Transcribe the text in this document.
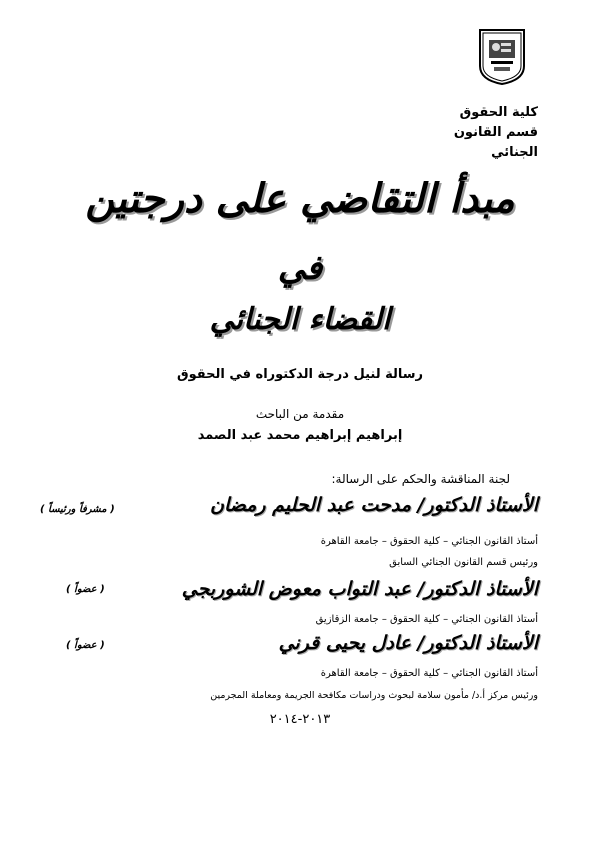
كلية الحقوق
قسم القانون
الجنائي
مبدأ التقاضي على درجتين
في
القضاء الجنائي
رسالة لنيل درجة الدكتوراه في الحقوق
مقدمة من الباحث
إبراهيم إبراهيم محمد عبد الصمد
لجنة المناقشة والحكم على الرسالة:
الأستاذ الدكتور/ مدحت عبد الحليم رمضان
( مشرفاً ورئيساً )
أستاذ القانون الجنائي – كلية الحقوق – جامعة القاهرة
ورئيس قسم القانون الجنائي السابق
الأستاذ الدكتور/ عبد التواب معوض الشوربجي
( عضواً )
أستاذ القانون الجنائي – كلية الحقوق – جامعة الزقازيق
الأستاذ الدكتور/ عادل يحيى قرني
( عضواً )
أستاذ القانون الجنائي – كلية الحقوق – جامعة القاهرة
ورئيس مركز أ.د/ مأمون سلامة لبحوث ودراسات مكافحة الجريمة ومعاملة المجرمين
٢٠١٣-٢٠١٤
